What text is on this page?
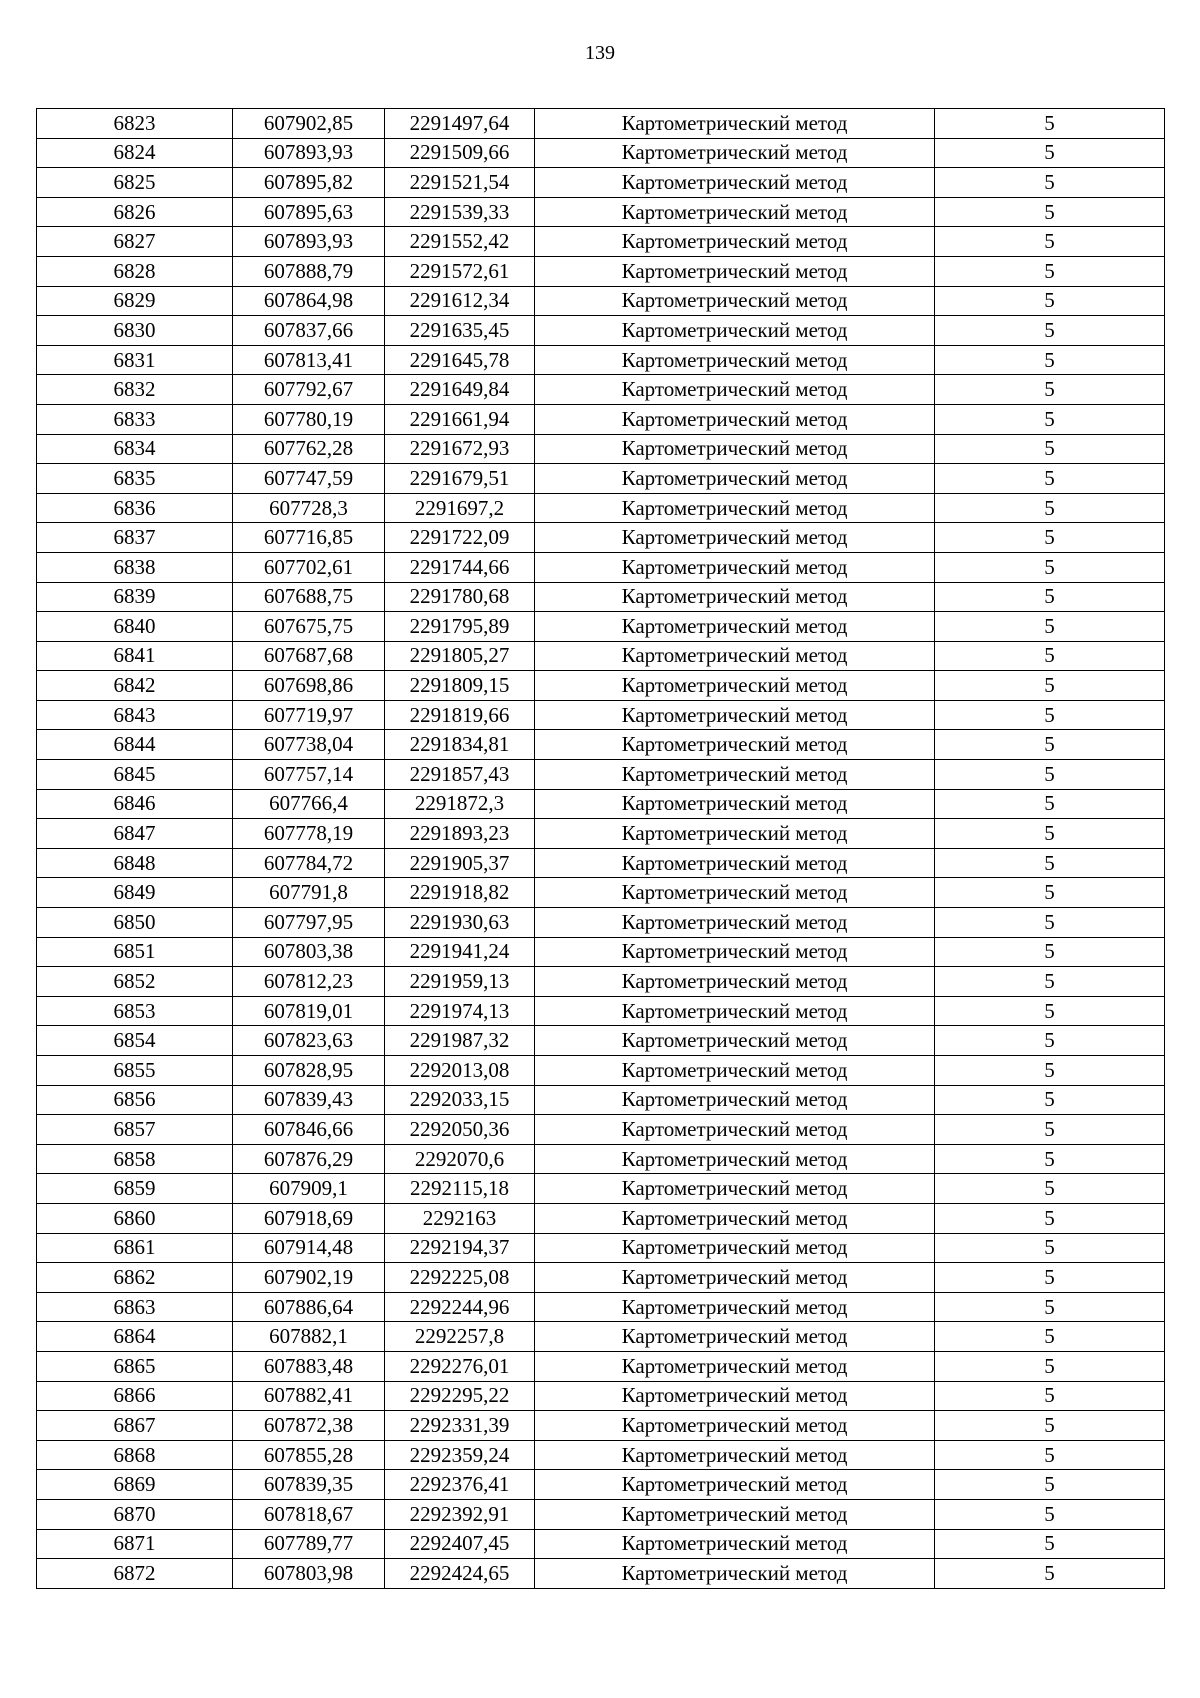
139
6823	607902,85	2291497,64	Картометрический метод	5
6824	607893,93	2291509,66	Картометрический метод	5
6825	607895,82	2291521,54	Картометрический метод	5
6826	607895,63	2291539,33	Картометрический метод	5
6827	607893,93	2291552,42	Картометрический метод	5
6828	607888,79	2291572,61	Картометрический метод	5
6829	607864,98	2291612,34	Картометрический метод	5
6830	607837,66	2291635,45	Картометрический метод	5
6831	607813,41	2291645,78	Картометрический метод	5
6832	607792,67	2291649,84	Картометрический метод	5
6833	607780,19	2291661,94	Картометрический метод	5
6834	607762,28	2291672,93	Картометрический метод	5
6835	607747,59	2291679,51	Картометрический метод	5
6836	607728,3	2291697,2	Картометрический метод	5
6837	607716,85	2291722,09	Картометрический метод	5
6838	607702,61	2291744,66	Картометрический метод	5
6839	607688,75	2291780,68	Картометрический метод	5
6840	607675,75	2291795,89	Картометрический метод	5
6841	607687,68	2291805,27	Картометрический метод	5
6842	607698,86	2291809,15	Картометрический метод	5
6843	607719,97	2291819,66	Картометрический метод	5
6844	607738,04	2291834,81	Картометрический метод	5
6845	607757,14	2291857,43	Картометрический метод	5
6846	607766,4	2291872,3	Картометрический метод	5
6847	607778,19	2291893,23	Картометрический метод	5
6848	607784,72	2291905,37	Картометрический метод	5
6849	607791,8	2291918,82	Картометрический метод	5
6850	607797,95	2291930,63	Картометрический метод	5
6851	607803,38	2291941,24	Картометрический метод	5
6852	607812,23	2291959,13	Картометрический метод	5
6853	607819,01	2291974,13	Картометрический метод	5
6854	607823,63	2291987,32	Картометрический метод	5
6855	607828,95	2292013,08	Картометрический метод	5
6856	607839,43	2292033,15	Картометрический метод	5
6857	607846,66	2292050,36	Картометрический метод	5
6858	607876,29	2292070,6	Картометрический метод	5
6859	607909,1	2292115,18	Картометрический метод	5
6860	607918,69	2292163	Картометрический метод	5
6861	607914,48	2292194,37	Картометрический метод	5
6862	607902,19	2292225,08	Картометрический метод	5
6863	607886,64	2292244,96	Картометрический метод	5
6864	607882,1	2292257,8	Картометрический метод	5
6865	607883,48	2292276,01	Картометрический метод	5
6866	607882,41	2292295,22	Картометрический метод	5
6867	607872,38	2292331,39	Картометрический метод	5
6868	607855,28	2292359,24	Картометрический метод	5
6869	607839,35	2292376,41	Картометрический метод	5
6870	607818,67	2292392,91	Картометрический метод	5
6871	607789,77	2292407,45	Картометрический метод	5
6872	607803,98	2292424,65	Картометрический метод	5
